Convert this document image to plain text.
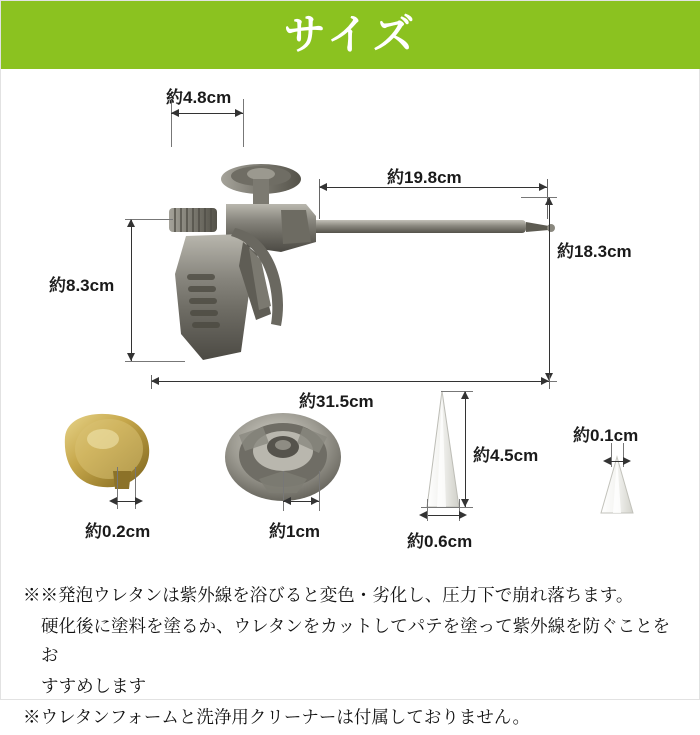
サイズ
約4.8cm
約19.8cm
約18.3cm
約8.3cm
約31.5cm
約0.2cm	約1cm
約4.5cm
約0.6cm
約0.1cm

※※発泡ウレタンは紫外線を浴びると変色・劣化し、圧力下で崩れ落ちます。

硬化後に塗料を塗るか、ウレタンをカットしてパテを塗って紫外線を防ぐことをお

すすめします

※ウレタンフォームと洗浄用クリーナーは付属しておりません。
